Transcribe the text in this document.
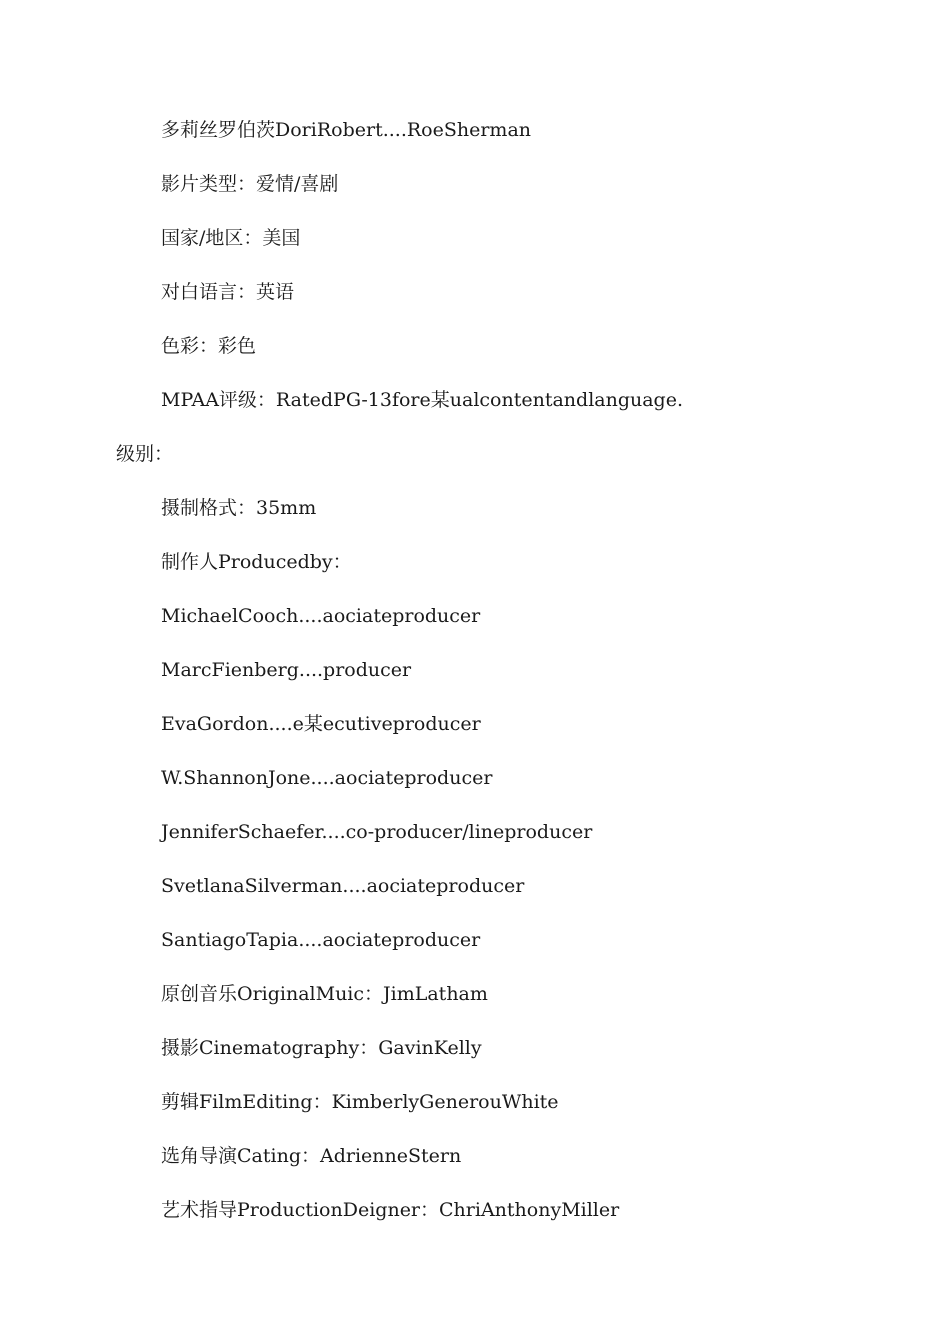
多莉丝罗伯茨DoriRobert....RoeSherman
影片类型：爱情/喜剧
国家/地区：美国
对白语言：英语
色彩：彩色
MPAA评级：RatedPG-13fore某ualcontentandlanguage.
级别：
摄制格式：35mm
制作人Producedby：
MichaelCooch....aociateproducer
MarcFienberg....producer
EvaGordon....e某ecutiveproducer
W.ShannonJone....aociateproducer
JenniferSchaefer....co-producer/lineproducer
SvetlanaSilverman....aociateproducer
SantiagoTapia....aociateproducer
原创音乐OriginalMuic：JimLatham
摄影Cinematography：GavinKelly
剪辑FilmEditing：KimberlyGenerouWhite
选角导演Cating：AdrienneStern
艺术指导ProductionDeigner：ChriAnthonyMiller
